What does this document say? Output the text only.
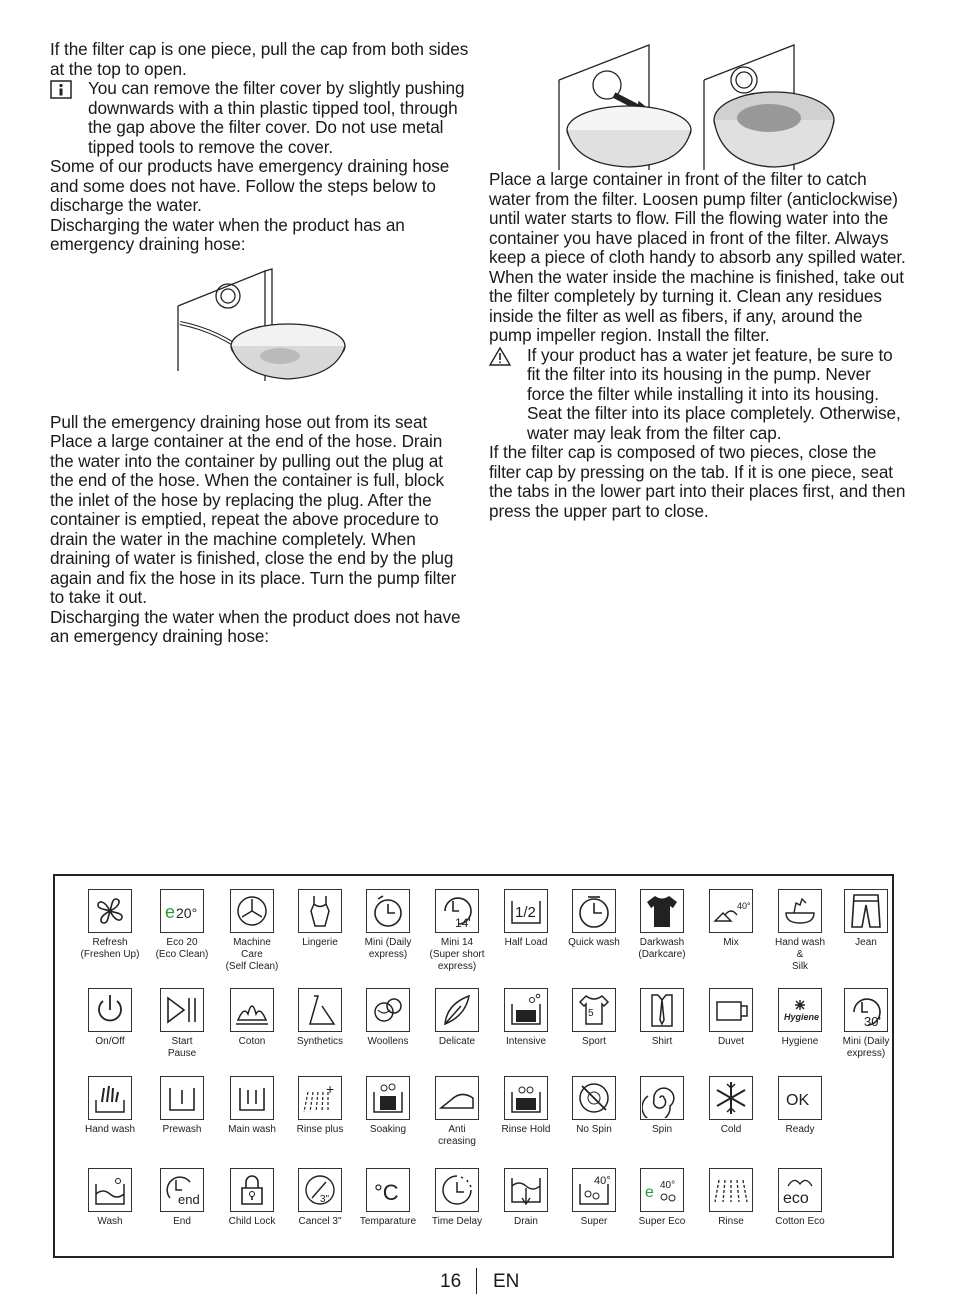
If the filter cap is one piece, pull the cap from both sides at the top to open.

You can remove the filter cover by slightly pushing downwards with a thin plastic tipped tool, through the gap above the filter cover. Do not use metal tipped tools to remove the cover.

Some of our products have emergency draining hose and some does not have. Follow the steps below to discharge the water.

Discharging the water when the product has an emergency draining hose:

Pull the emergency draining hose out from its seat Place a large container at the end of the hose. Drain the water into the container by pulling out the plug at the end of the hose. When the container is full, block the inlet of the hose by replacing the plug. After the container is emptied, repeat the above procedure to drain the water in the machine completely. When draining of water is finished, close the end by the plug again and fix the hose in its place. Turn the pump filter to take it out.

Discharging the water when the product does not have an emergency draining hose:

Place a large container in front of the filter to catch water from the filter. Loosen pump filter (anticlockwise) until water starts to flow. Fill the flowing water into the container you have placed in front of the filter. Always keep a piece of cloth handy to absorb any spilled water. When the water inside the machine is finished, take out the filter completely by turning it. Clean any residues inside the filter as well as fibers, if any, around the pump impeller region. Install the filter.

If your product has a water jet feature, be sure to fit the filter into its housing in the pump. Never force the filter while installing it into its housing. Seat the filter into its place completely. Otherwise, water may leak from the filter cap.

If the filter cap is composed of two pieces, close the filter cap by pressing on the tab. If it is one piece, seat the tabs in the lower part into their places first, and then press the upper part to close.

Refresh
(Freshen Up)
e 20°
Eco 20
(Eco Clean)
Machine
Care
(Self Clean)
Lingerie	Mini (Daily
express)
14'
Mini 14
(Super short
express)
1/2
Half Load	Quick wash	Darkwash
(Darkcare)
40°
Mix	Hand wash
&
Silk
Jean
On/Off	Start
Pause
Coton	Synthetics	Woollens	Delicate	Intensive
5
Sport	Shirt	Duvet
Hygiene
Hygiene
30'
Mini (Daily
express)
Hand wash	Prewash	Main wash
+
Rinse plus	Soaking	Anti
creasing
Rinse Hold	No Spin	Spin	Cold
OK
Ready
Wash
end
End	Child Lock
3"
Cancel 3"
°C
Temparature	Time Delay	Drain
40°
Super
e 40°
Super Eco	Rinse
eco
Cotton Eco
16 EN
